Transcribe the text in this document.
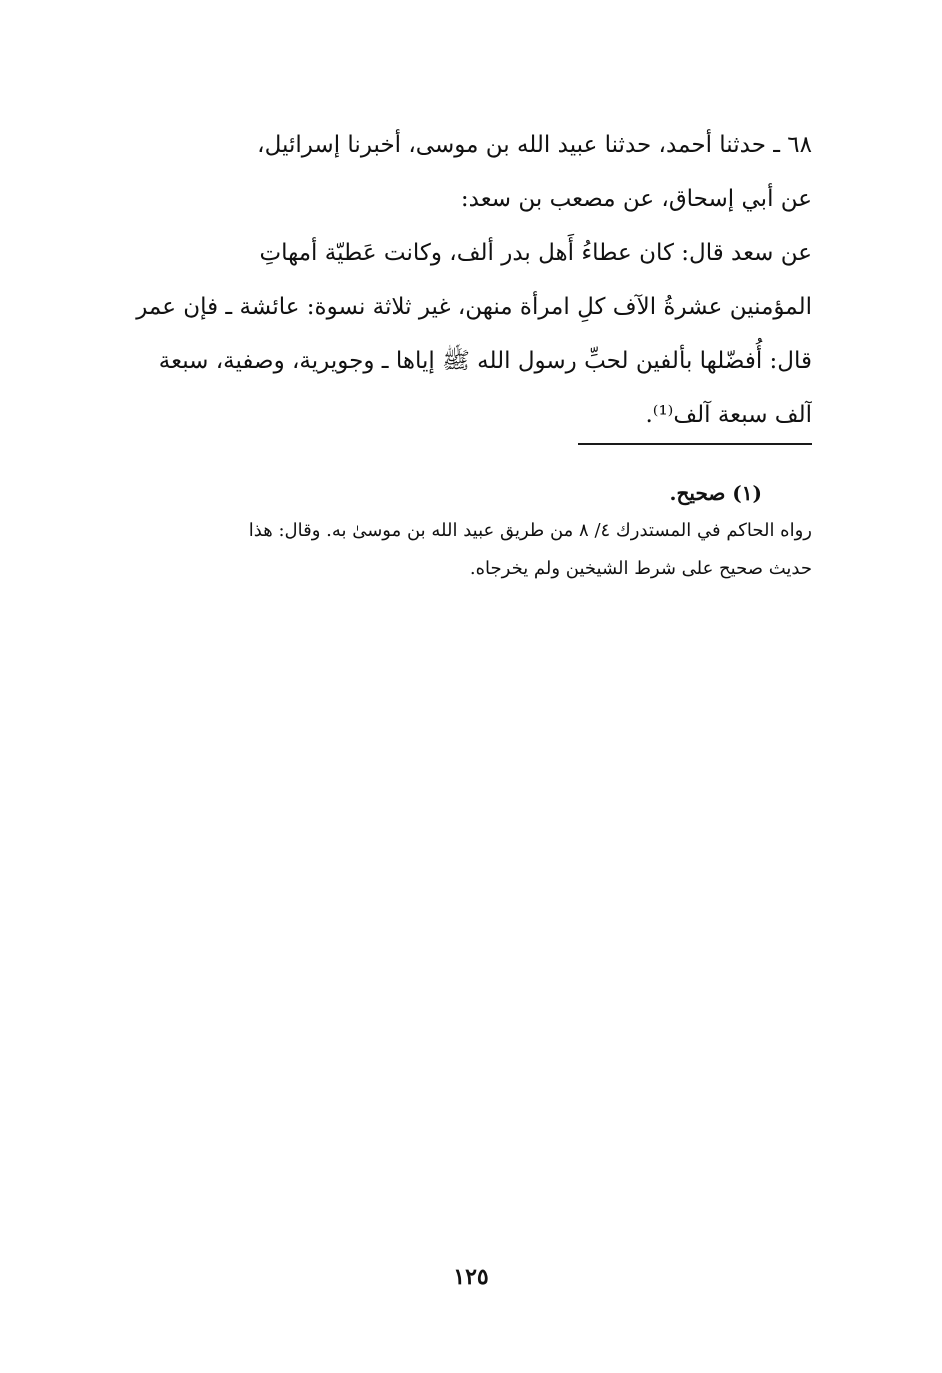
٦٨ ـ حدثنا أحمد، حدثنا عبيد الله بن موسى، أخبرنا إسرائيل،
عن أبي إسحاق، عن مصعب بن سعد:
عن سعد قال: كان عطاءُ أَهل بدر ألف، وكانت عَطيّة أمهاتِ
المؤمنين عشرةُ الآف كلِ امرأة منهن، غير ثلاثة نسوة: عائشة ـ فإن عمر
قال: أُفضّلها بألفين لحبِّ رسول الله ﷺ إياها ـ وجويرية، وصفية، سبعة
آلف سبعة آلف⁽¹⁾.
(١) صحيح.
رواه الحاكم في المستدرك ٤/ ٨ من طريق عبيد الله بن موسىٰ به. وقال: هذا
حديث صحيح على شرط الشيخين ولم يخرجاه.
١٢٥
